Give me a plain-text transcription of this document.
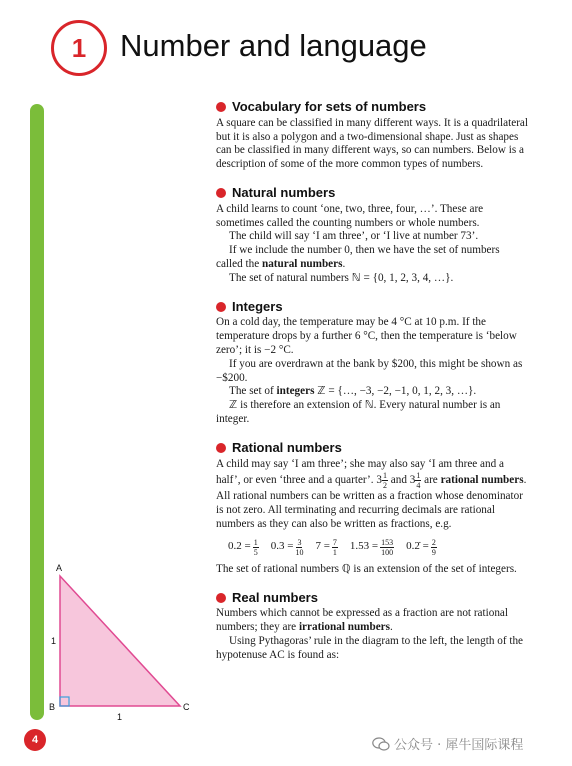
1 Number and language
Vocabulary for sets of numbers

A square can be classified in many different ways. It is a quadrilateral but it is also a polygon and a two-dimensional shape. Just as shapes can be classified in many different ways, so can numbers. Below is a description of some of the more common types of numbers.

Natural numbers

A child learns to count ‘one, two, three, four, …’. These are sometimes called the counting numbers or whole numbers.

The child will say ‘I am three’, or ‘I live at number 73’.

If we include the number 0, then we have the set of numbers called the natural numbers.

The set of natural numbers ℕ = {0, 1, 2, 3, 4, …}.

Integers

On a cold day, the temperature may be 4 °C at 10 p.m. If the temperature drops by a further 6 °C, then the temperature is ‘below zero’; it is −2 °C.

If you are overdrawn at the bank by $200, this might be shown as −$200.

The set of integers ℤ = {…, −3, −2, −1, 0, 1, 2, 3, …}.

ℤ is therefore an extension of ℕ. Every natural number is an integer.

Rational numbers

A child may say ‘I am three’; she may also say ‘I am three and a half’, or even ‘three and a quarter’. $3 \frac{1}{2}$ and $3 \frac{1}{4}$ are rational numbers. All rational numbers can be written as a fraction whose denominator is not zero. All terminating and recurring decimals are rational numbers as they can also be written as fractions, e.g.

$0.2 = \frac{1}{5} 0.3 = \frac{3}{10} 7 = \frac{7}{1} 1.53 = \frac{153}{100}$ 0.2̇ = $\frac{2}{9}$

The set of rational numbers ℚ is an extension of the set of integers.

Real numbers

Numbers which cannot be expressed as a fraction are not rational numbers; they are irrational numbers.

Using Pythagoras’ rule in the diagram to the left, the length of the hypotenuse AC is found as:

A
B	C
1
1
4	公众号 · 犀牛国际课程
